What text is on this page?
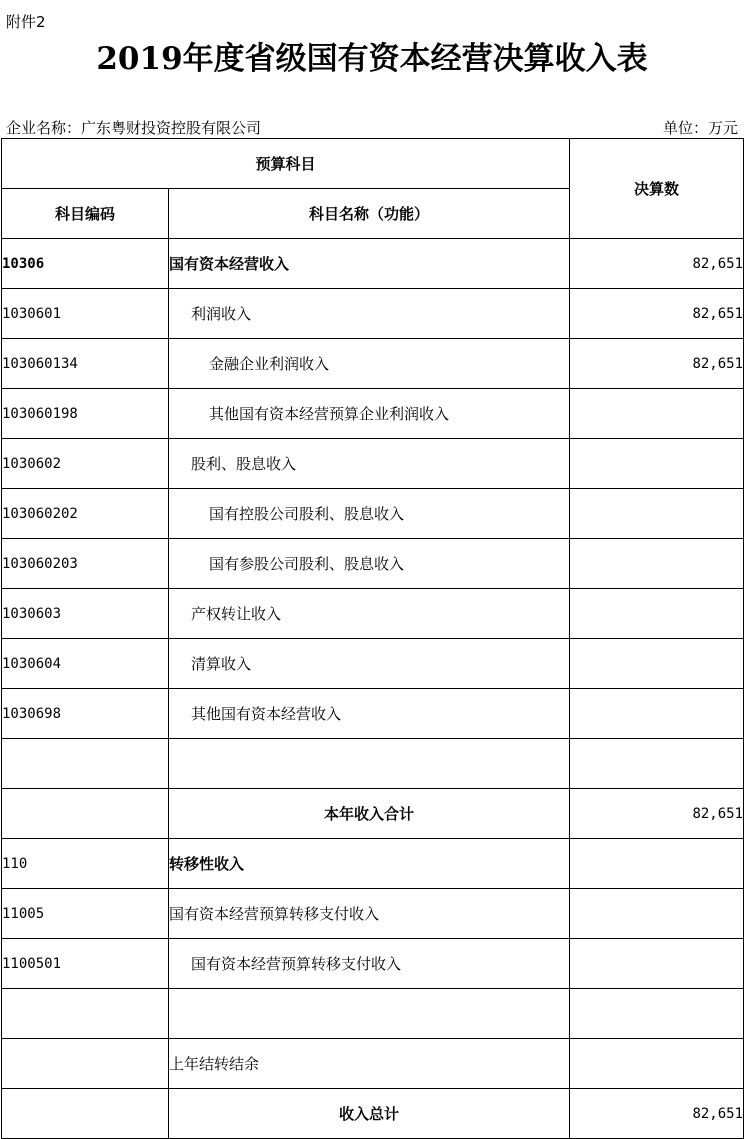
附件2
2019年度省级国有资本经营决算收入表
企业名称：广东粤财投资控股有限公司	单位：万元
预算科目		决算数
科目编码	科目名称（功能）	
10306	国有资本经营收入	82,651
1030601	利润收入	82,651
103060134	金融企业利润收入	82,651
103060198	其他国有资本经营预算企业利润收入	
1030602	股利、股息收入	
103060202	国有控股公司股利、股息收入	
103060203	国有参股公司股利、股息收入	
1030603	产权转让收入	
1030604	清算收入	
1030698	其他国有资本经营收入	

	本年收入合计	82,651
110	转移性收入	
11005	国有资本经营预算转移支付收入	
1100501	国有资本经营预算转移支付收入	

	上年结转结余	
	收入总计	82,651
